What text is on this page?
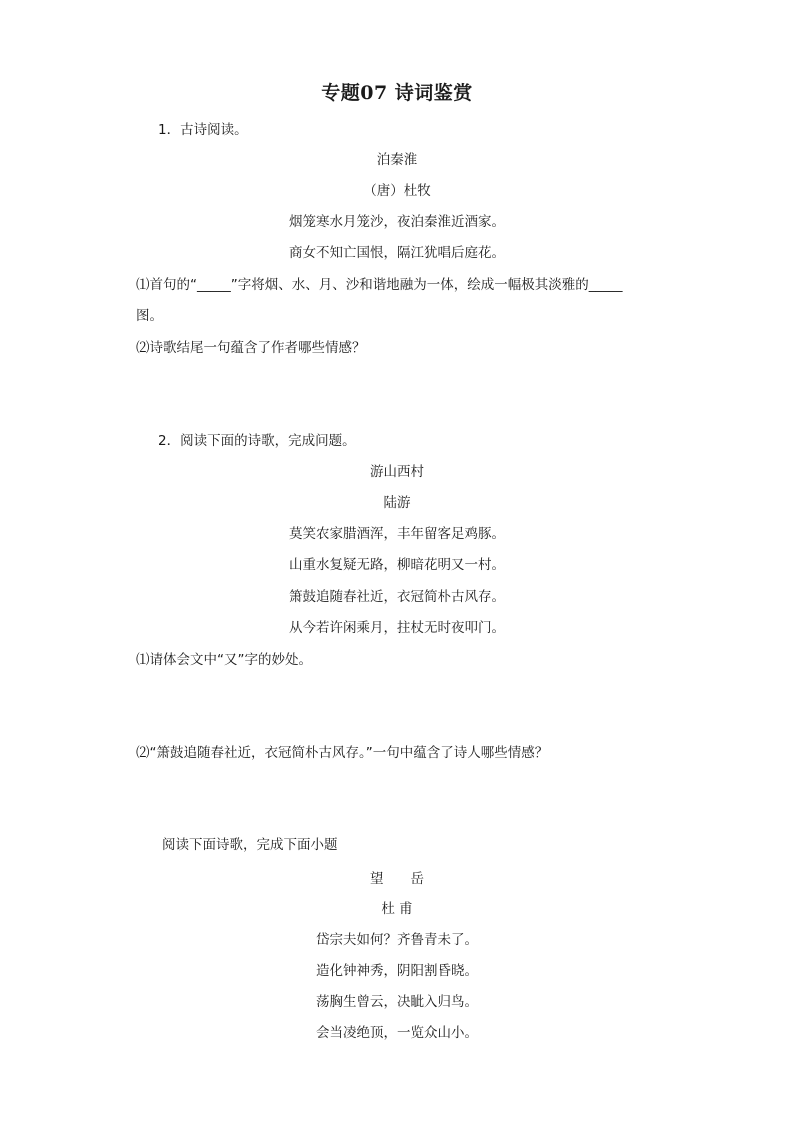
专题07 诗词鉴赏
1．古诗阅读。
泊秦淮
（唐）杜牧
烟笼寒水月笼沙，夜泊秦淮近酒家。
商女不知亡国恨，隔江犹唱后庭花。
⑴首句的“_____”字将烟、水、月、沙和谐地融为一体，绘成一幅极其淡雅的_____
图。
⑵诗歌结尾一句蕴含了作者哪些情感？
2．阅读下面的诗歌，完成问题。
游山西村
陆游
莫笑农家腊酒浑，丰年留客足鸡豚。
山重水复疑无路，柳暗花明又一村。
箫鼓追随春社近，衣冠简朴古风存。
从今若许闲乘月，拄杖无时夜叩门。
⑴请体会文中“又”字的妙处。
⑵“箫鼓追随春社近，衣冠简朴古风存。”一句中蕴含了诗人哪些情感？
阅读下面诗歌，完成下面小题
望　　岳
杜 甫
岱宗夫如何？齐鲁青未了。
造化钟神秀，阴阳割昏晓。
荡胸生曾云，决眦入归鸟。
会当凌绝顶，一览众山小。
